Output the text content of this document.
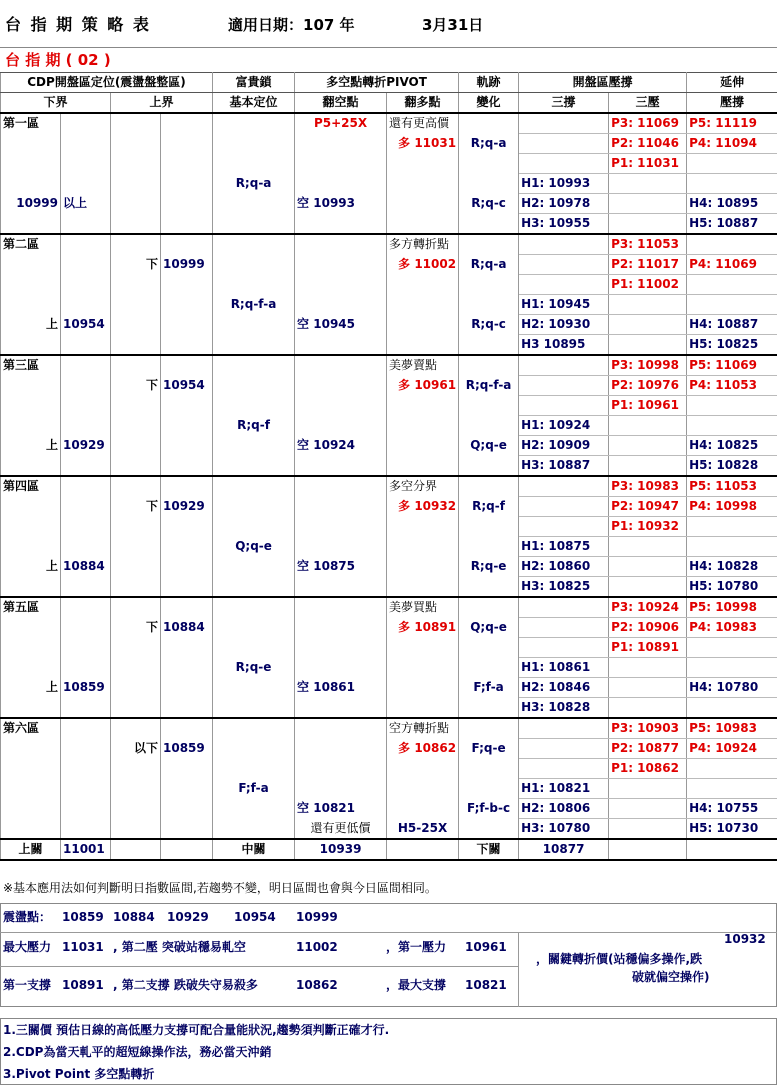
台 指 期 策 略 表	適用日期：107 年	3月31日
台 指 期 ( 02 )
CDP開盤區定位(震盪盤整區)				富貴鎖	多空點轉折PIVOT		軌跡	開盤區壓撐		延伸
下界		上界		基本定位	翻空點	翻多點	變化	三撐	三壓	壓撐
第一區					P5+25X	還有更高價			P3: 11069	P5: 11119
						多 11031	R;q-a		P2: 11046	P4: 11094
									P1: 11031	
				R;q-a				H1: 10993		
10999	以上				空 10993		R;q-c	H2: 10978		H4: 10895
								H3: 10955		H5: 10887
第二區						多方轉折點			P3: 11053	
		下	10999			多 11002	R;q-a		P2: 11017	P4: 11069
									P1: 11002	
				R;q-f-a				H1: 10945		
上	10954				空 10945		R;q-c	H2: 10930		H4: 10887
								H3 10895		H5: 10825
第三區						美夢賣點			P3: 10998	P5: 11069
		下	10954			多 10961	R;q-f-a		P2: 10976	P4: 11053
									P1: 10961	
				R;q-f				H1: 10924		
上	10929				空 10924		Q;q-e	H2: 10909		H4: 10825
								H3: 10887		H5: 10828
第四區						多空分界			P3: 10983	P5: 11053
		下	10929			多 10932	R;q-f		P2: 10947	P4: 10998
									P1: 10932	
				Q;q-e				H1: 10875		
上	10884				空 10875		R;q-e	H2: 10860		H4: 10828
								H3: 10825		H5: 10780
第五區						美夢買點			P3: 10924	P5: 10998
		下	10884			多 10891	Q;q-e		P2: 10906	P4: 10983
									P1: 10891	
				R;q-e				H1: 10861		
上	10859				空 10861		F;f-a	H2: 10846		H4: 10780
								H3: 10828		
第六區						空方轉折點			P3: 10903	P5: 10983
		以下	10859			多 10862	F;q-e		P2: 10877	P4: 10924
									P1: 10862	
				F;f-a				H1: 10821		
					空 10821		F;f-b-c	H2: 10806		H4: 10755
					還有更低價	H5-25X		H3: 10780		H5: 10730
上關	11001			中關	10939		下關	10877		
※基本應用法如何判斷明日指數區間,若趨勢不變，明日區間也會與今日區間相同。
震盪點： 10859 10884 10929 10954 10999
最大壓力 11031 , 第二壓 突破站穩易軋空	11002	，第一壓力 10961
第一支撐 10891 , 第二支撐 跌破失守易殺多	10862	，最大支撐 10821
10932
，關鍵轉折價(站穩偏多操作,跌
破就偏空操作)
1.三關價 預估日線的高低壓力支撐可配合量能狀況,趨勢須判斷正確才行.
2.CDP為當天軋平的超短線操作法，務必當天沖銷
3.Pivot Point 多空點轉折
